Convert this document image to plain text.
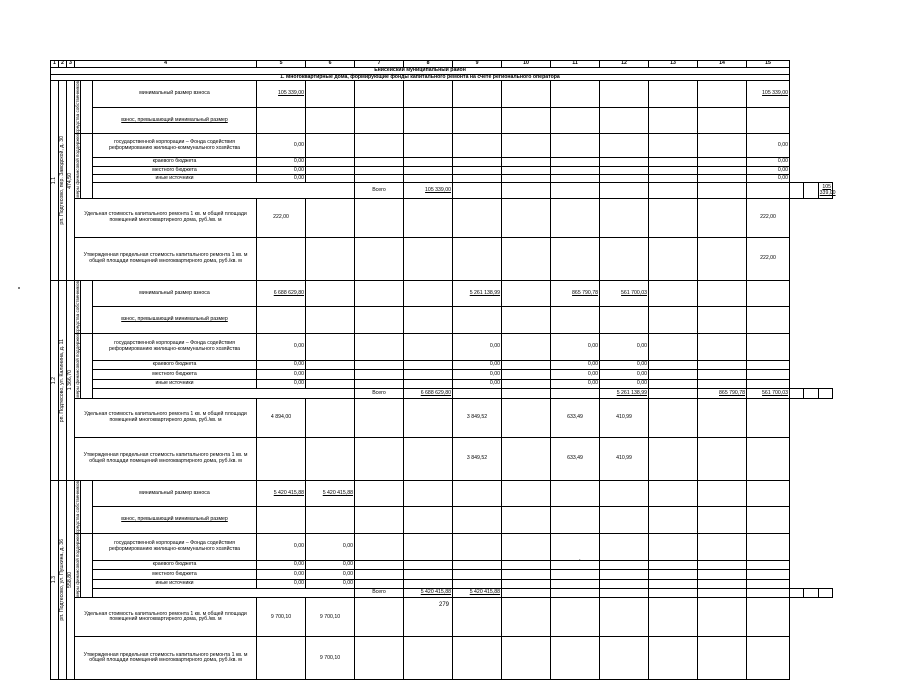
1	2	3	4			5	6	7	8	9	10	11	12	13	14	15			
Енисейский муниципальный район																			
1. Многоквартирные дома, формирующие фонды капитального ремонта на счете регионального оператора																			

1.1	рп. Подтесово, пер. Заводской, д. 30	474,50	средства собственников		минимальный размер взноса	105 339,00										105 339,00			
					взнос, превышающий минимальный размер														

			меры финансовой поддержки		государственной корпорации – Фонда содействия реформированию жилищно-коммунального хозяйства	0,00										0,00			
					краевого бюджета	0,00										0,00			
					местного бюджета	0,00										0,00			
					иные источники	0,00										0,00			
								Всего	105 339,00										105 339,00
			Удельная стоимость капитального ремонта 1 кв. м общей площади помещений многоквартирного дома, руб./кв. м			222,00										222,00			
			Утвержденная предельная стоимость капитального ремонта 1 кв. м общей площади помещений многоквартирного дома, руб./кв. м													222,00			

1.2	рп. Подтесово, ул. Калинина, д. 11	1 366,70	средства собственников		минимальный размер взноса	6 688 629,80				5 261 138,99		865 790,78	561 700,03						
					взнос, превышающий минимальный размер														

			меры финансовой поддержки		государственной корпорации – Фонда содействия реформированию жилищно-коммунального хозяйства	0,00				0,00		0,00	0,00						
					краевого бюджета	0,00				0,00		0,00	0,00						
					местного бюджета	0,00				0,00		0,00	0,00						
					иные источники	0,00				0,00		0,00	0,00						
								Всего	6 688 629,80				5 261 138,99		865 790,78	561 700,03			
			Удельная стоимость капитального ремонта 1 кв. м общей площади помещений многоквартирного дома, руб./кв. м			4 894,00				3 849,52		633,49	410,99						
			Утвержденная предельная стоимость капитального ремонта 1 кв. м общей площади помещений многоквартирного дома, руб./кв. м							3 849,52		633,49	410,99						

1.3	рп. Подтесово, ул. Пушкина, д. 36	558,80	средства собственников		минимальный размер взноса	5 420 415,88	5 420 415,88												
					взнос, превышающий минимальный размер														

			меры финансовой поддержки		государственной корпорации – Фонда содействия реформированию жилищно-коммунального хозяйства	0,00	0,00												
					краевого бюджета	0,00	0,00												
					местного бюджета	0,00	0,00												
					иные источники	0,00	0,00												
								Всего	5 420 415,88	5 420 415,88									
			Удельная стоимость капитального ремонта 1 кв. м общей площади помещений многоквартирного дома, руб./кв. м			9 700,10	9 700,10												
			Утвержденная предельная стоимость капитального ремонта 1 кв. м общей площади помещений многоквартирного дома, руб./кв. м				9 700,10												
279
.
